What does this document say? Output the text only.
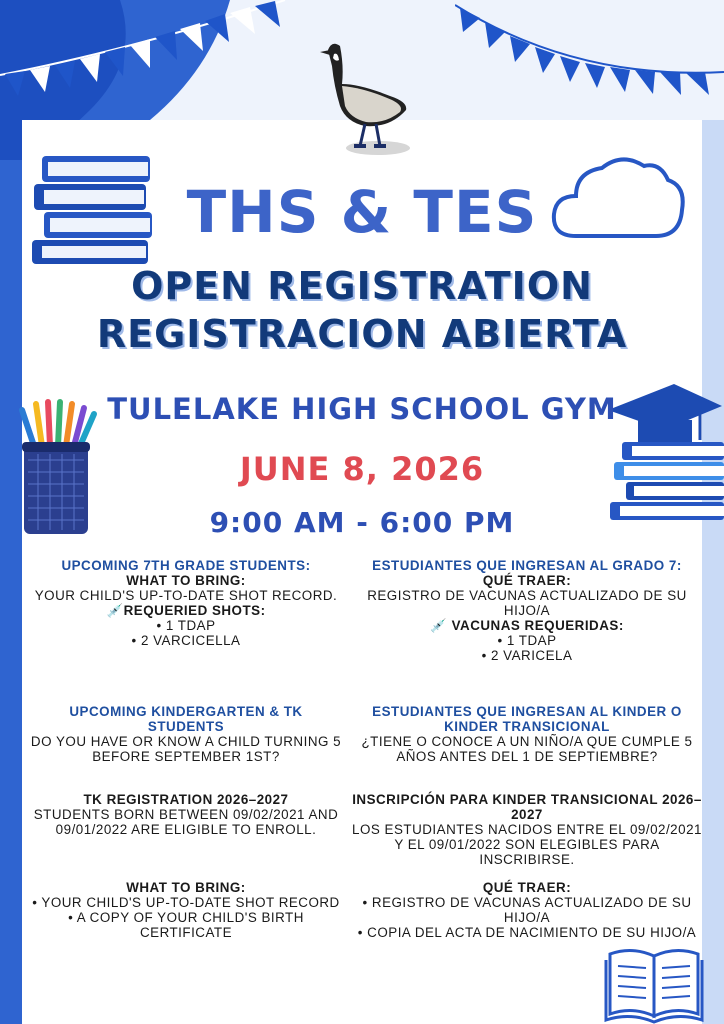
THS & TES
OPEN REGISTRATION
REGISTRACION ABIERTA
TULELAKE HIGH SCHOOL GYM
JUNE 8, 2026
9:00 AM - 6:00 PM
UPCOMING 7TH GRADE STUDENTS:
WHAT TO BRING:
YOUR CHILD'S UP-TO-DATE SHOT RECORD.
💉REQUERIED SHOTS:
• 1 TDAP
• 2 VARCICELLA
UPCOMING KINDERGARTEN & TK STUDENTS
DO YOU HAVE OR KNOW A CHILD TURNING 5 BEFORE SEPTEMBER 1ST?
TK REGISTRATION 2026–2027
STUDENTS BORN BETWEEN 09/02/2021 AND 09/01/2022 ARE ELIGIBLE TO ENROLL.
WHAT TO BRING:
• YOUR CHILD'S UP-TO-DATE SHOT RECORD
• A COPY OF YOUR CHILD'S BIRTH CERTIFICATE
ESTUDIANTES QUE INGRESAN AL GRADO 7:
QUÉ TRAER:
REGISTRO DE VACUNAS ACTUALIZADO DE SU HIJO/A
💉 VACUNAS REQUERIDAS:
• 1 TDAP
• 2 VARICELA
ESTUDIANTES QUE INGRESAN AL KINDER O KINDER TRANSICIONAL
¿TIENE O CONOCE A UN NIÑO/A QUE CUMPLE 5 AÑOS ANTES DEL 1 DE SEPTIEMBRE?
INSCRIPCIÓN PARA KINDER TRANSICIONAL 2026–2027
LOS ESTUDIANTES NACIDOS ENTRE EL 09/02/2021 Y EL 09/01/2022 SON ELEGIBLES PARA INSCRIBIRSE.
QUÉ TRAER:
• REGISTRO DE VACUNAS ACTUALIZADO DE SU HIJO/A
• COPIA DEL ACTA DE NACIMIENTO DE SU HIJO/A
